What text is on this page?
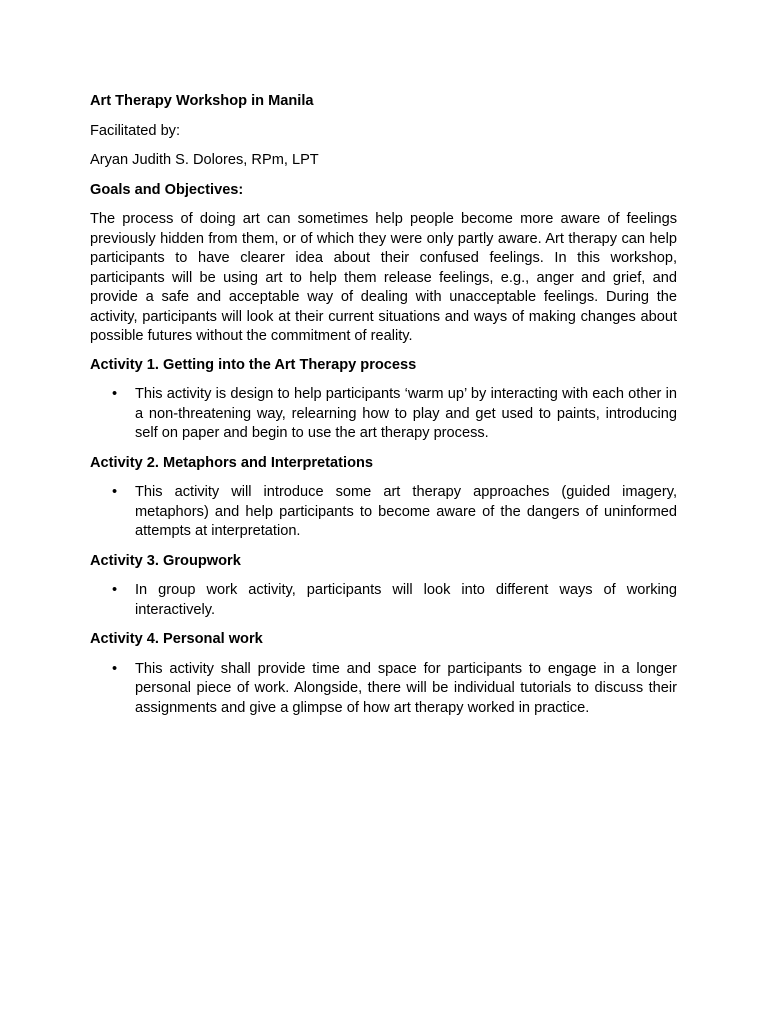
Art Therapy Workshop in Manila
Facilitated by:
Aryan Judith S. Dolores, RPm, LPT
Goals and Objectives:
The process of doing art can sometimes help people become more aware of feelings previously hidden from them, or of which they were only partly aware. Art therapy can help participants to have clearer idea about their confused feelings. In this workshop, participants will be using art to help them release feelings, e.g., anger and grief, and provide a safe and acceptable way of dealing with unacceptable feelings. During the activity, participants will look at their current situations and ways of making changes about possible futures without the commitment of reality.
Activity 1. Getting into the Art Therapy process
• This activity is design to help participants ‘warm up’ by interacting with each other in a non-threatening way, relearning how to play and get used to paints, introducing self on paper and begin to use the art therapy process.
Activity 2. Metaphors and Interpretations
• This activity will introduce some art therapy approaches (guided imagery, metaphors) and help participants to become aware of the dangers of uninformed attempts at interpretation.
Activity 3. Groupwork
• In group work activity, participants will look into different ways of working interactively.
Activity 4. Personal work
• This activity shall provide time and space for participants to engage in a longer personal piece of work. Alongside, there will be individual tutorials to discuss their assignments and give a glimpse of how art therapy worked in practice.
